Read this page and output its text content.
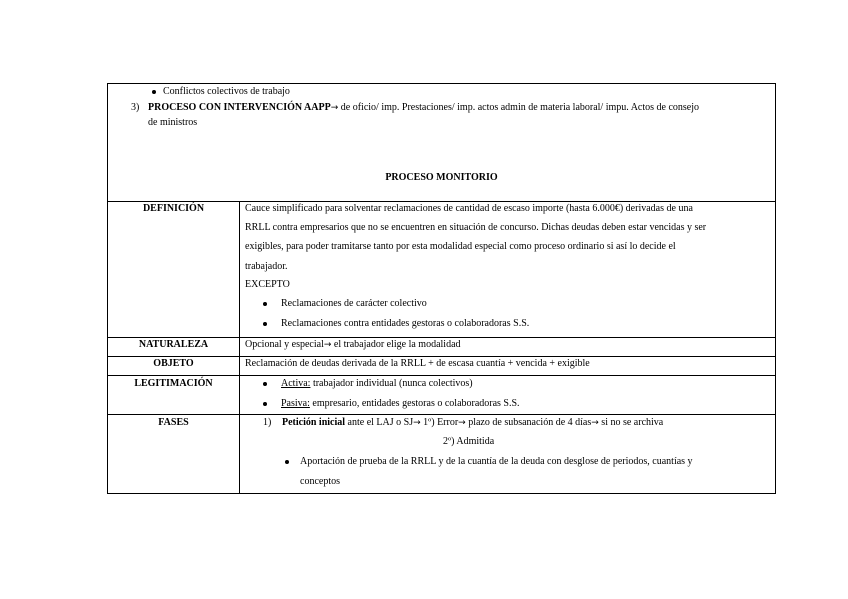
Conflictos colectivos de trabajo
3) PROCESO CON INTERVENCIÓN AAPP→ de oficio/ imp. Prestaciones/ imp. actos admin de materia laboral/ impu. Actos de consejo
de ministros
PROCESO MONITORIO
DEFINICIÓN	Cauce simplificado para solventar reclamaciones de cantidad de escaso importe (hasta 6.000€) derivadas de una
RRLL contra empresarios que no se encuentren en situación de concurso. Dichas deudas deben estar vencidas y ser
exigibles, para poder tramitarse tanto por esta modalidad especial como proceso ordinario si así lo decide el
trabajador.
EXCEPTO
Reclamaciones de carácter colectivo
Reclamaciones contra entidades gestoras o colaboradoras S.S.
NATURALEZA	Opcional y especial→ el trabajador elige la modalidad
OBJETO	Reclamación de deudas derivada de la RRLL + de escasa cuantía + vencida + exigible
LEGITIMACIÓN	Activa: trabajador individual (nunca colectivos)
Pasiva: empresario, entidades gestoras o colaboradoras S.S.
FASES	1) Petición inicial ante el LAJ o SJ→ 1º) Error→ plazo de subsanación de 4 días→ si no se archiva
2º) Admitida
Aportación de prueba de la RRLL y de la cuantía de la deuda con desglose de periodos, cuantías y
conceptos
